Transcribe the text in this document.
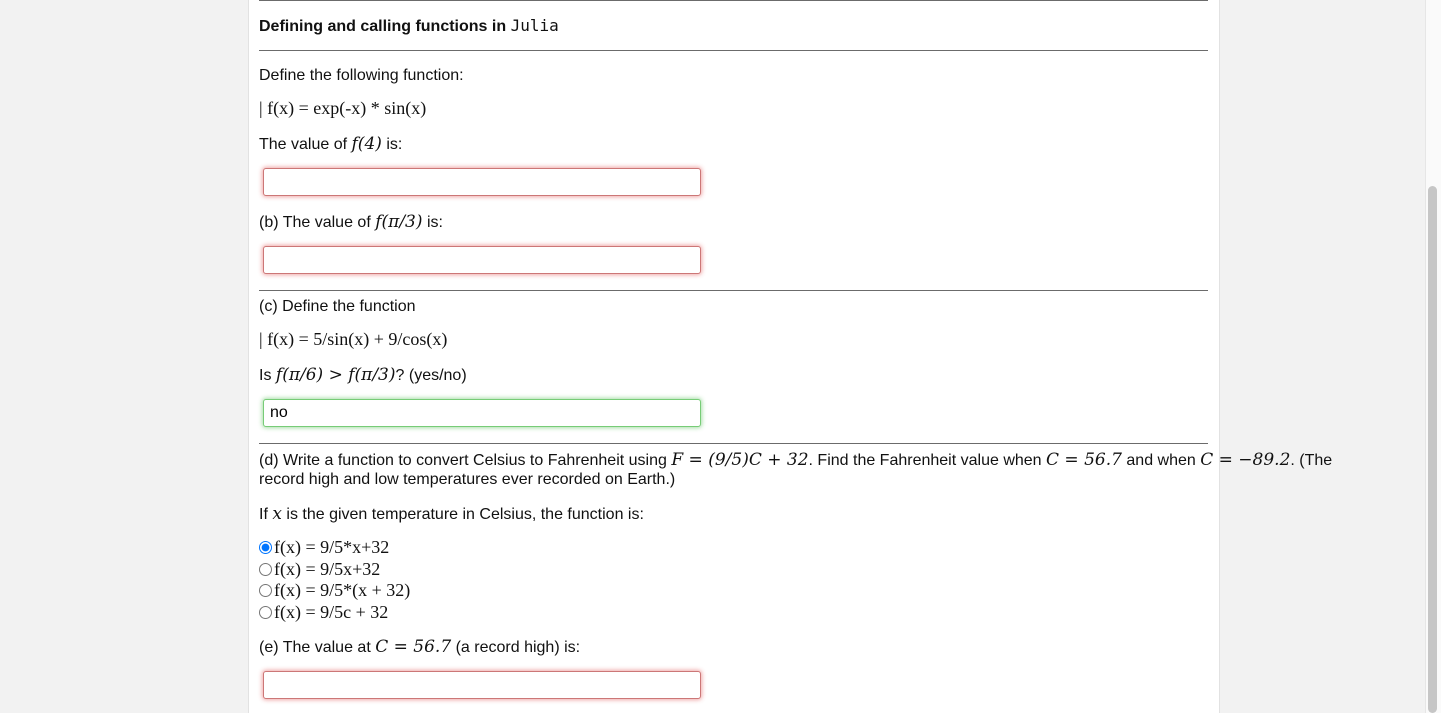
Defining and calling functions in Julia
Define the following function:
| f(x) = exp(-x) * sin(x)
The value of f(4) is:
(b) The value of f(π/3) is:
(c) Define the function
| f(x) = 5/sin(x) + 9/cos(x)
Is f(π/6) > f(π/3)? (yes/no)
no
(d) Write a function to convert Celsius to Fahrenheit using F = (9/5)C + 32. Find the Fahrenheit value when C = 56.7 and when C = −89.2. (The
record high and low temperatures ever recorded on Earth.)
If x is the given temperature in Celsius, the function is:
f(x) = 9/5*x+32
f(x) = 9/5x+32
f(x) = 9/5*(x + 32)
f(x) = 9/5c + 32
(e) The value at C = 56.7 (a record high) is:
